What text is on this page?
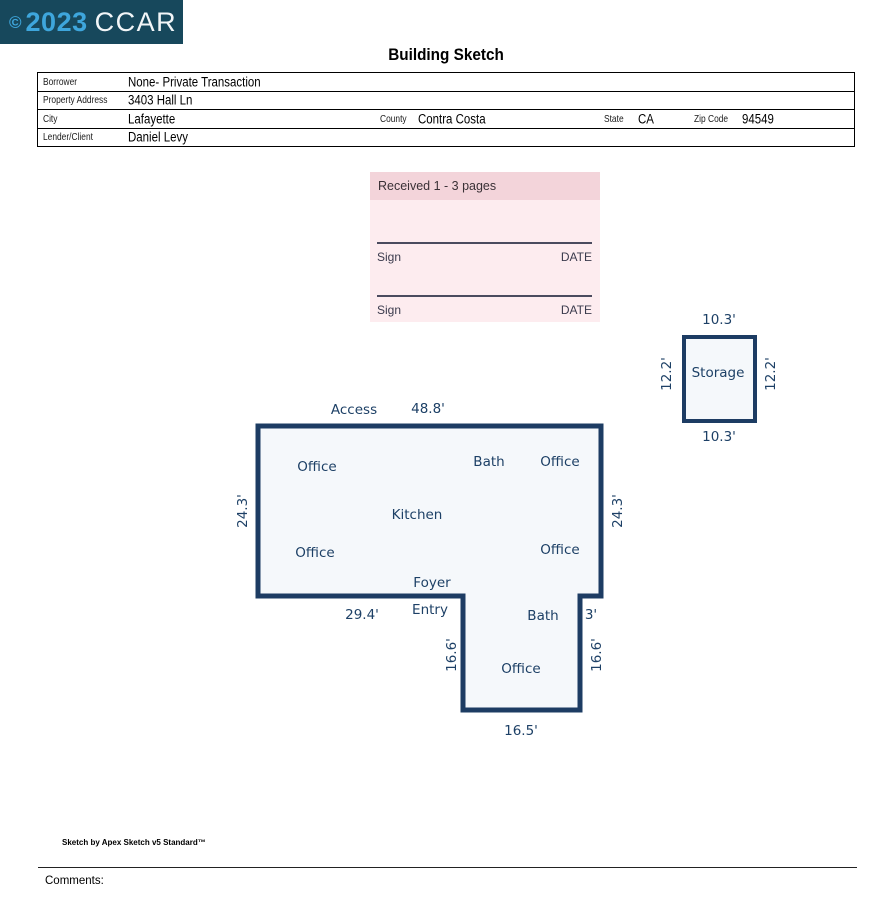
© 2023 CCAR
Building Sketch
Borrower	None- Private Transaction
Property Address 3403 Hall Ln
City	Lafayette	County Contra Costa	State CA	Zip Code 94549
Lender/Client	Daniel Levy
Received 1 - 3 pages
Sign	DATE
Sign	DATE
Access	48.8'
24.3'	24.3'
Office	Bath	Office
Kitchen
Office	Office
Foyer
29.4' Entry	Bath 3'
16.6'	16.6'
Office
16.5'
Storage
10.3'
10.3'
12.2'	12.2'
Sketch by Apex Sketch v5 Standard™
Comments:
